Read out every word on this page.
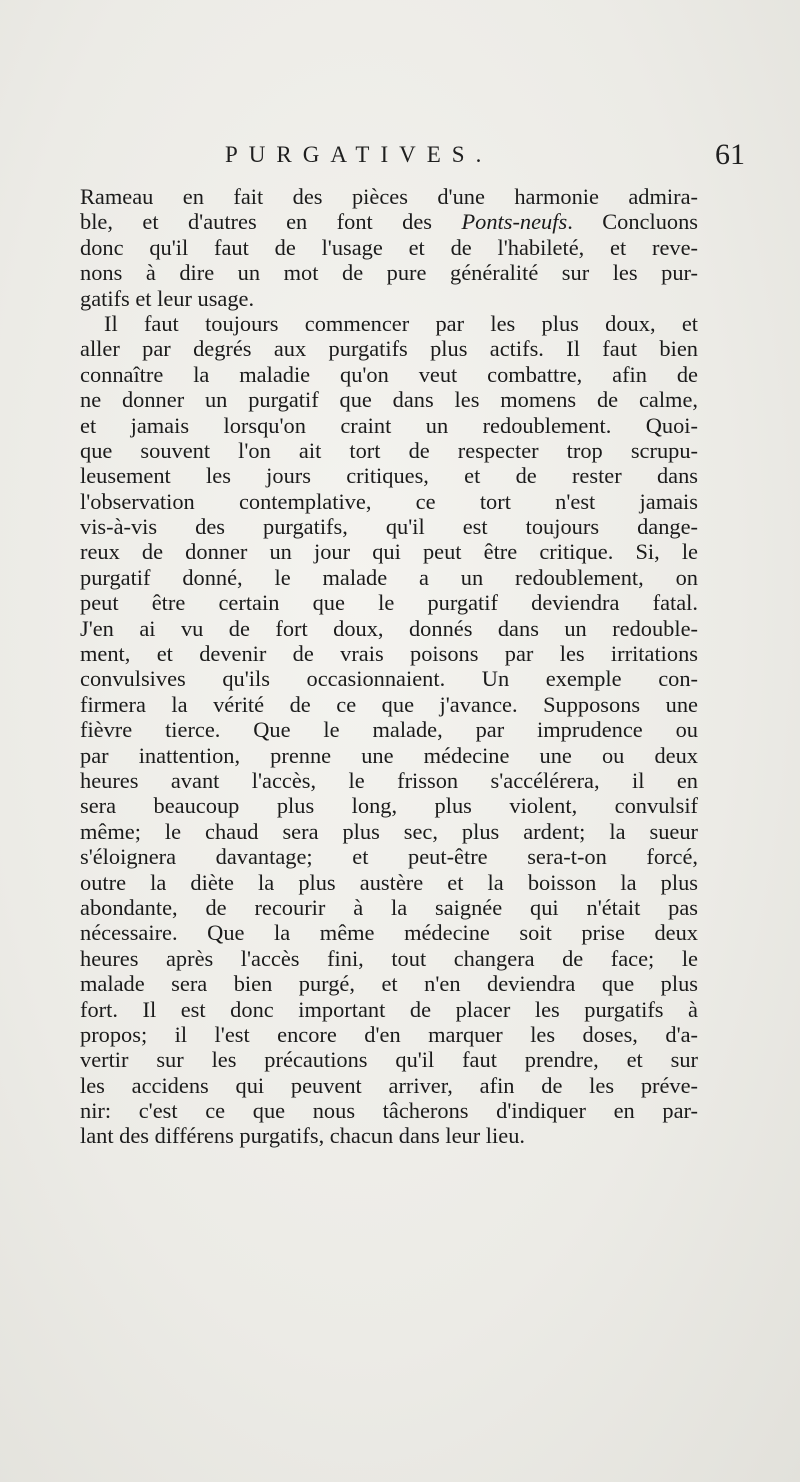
PURGATIVES.	61
Rameau en fait des pièces d'une harmonie admira-
ble, et d'autres en font des Ponts-neufs. Concluons
donc qu'il faut de l'usage et de l'habileté, et reve-
nons à dire un mot de pure généralité sur les pur-
gatifs et leur usage.
Il faut toujours commencer par les plus doux, et
aller par degrés aux purgatifs plus actifs. Il faut bien
connaître la maladie qu'on veut combattre, afin de
ne donner un purgatif que dans les momens de calme,
et jamais lorsqu'on craint un redoublement. Quoi-
que souvent l'on ait tort de respecter trop scrupu-
leusement les jours critiques, et de rester dans
l'observation contemplative, ce tort n'est jamais
vis-à-vis des purgatifs, qu'il est toujours dange-
reux de donner un jour qui peut être critique. Si, le
purgatif donné, le malade a un redoublement, on
peut être certain que le purgatif deviendra fatal.
J'en ai vu de fort doux, donnés dans un redouble-
ment, et devenir de vrais poisons par les irritations
convulsives qu'ils occasionnaient. Un exemple con-
firmera la vérité de ce que j'avance. Supposons une
fièvre tierce. Que le malade, par imprudence ou
par inattention, prenne une médecine une ou deux
heures avant l'accès, le frisson s'accélérera, il en
sera beaucoup plus long, plus violent, convulsif
même; le chaud sera plus sec, plus ardent; la sueur
s'éloignera davantage; et peut-être sera-t-on forcé,
outre la diète la plus austère et la boisson la plus
abondante, de recourir à la saignée qui n'était pas
nécessaire. Que la même médecine soit prise deux
heures après l'accès fini, tout changera de face; le
malade sera bien purgé, et n'en deviendra que plus
fort. Il est donc important de placer les purgatifs à
propos; il l'est encore d'en marquer les doses, d'a-
vertir sur les précautions qu'il faut prendre, et sur
les accidens qui peuvent arriver, afin de les préve-
nir: c'est ce que nous tâcherons d'indiquer en par-
lant des différens purgatifs, chacun dans leur lieu.
